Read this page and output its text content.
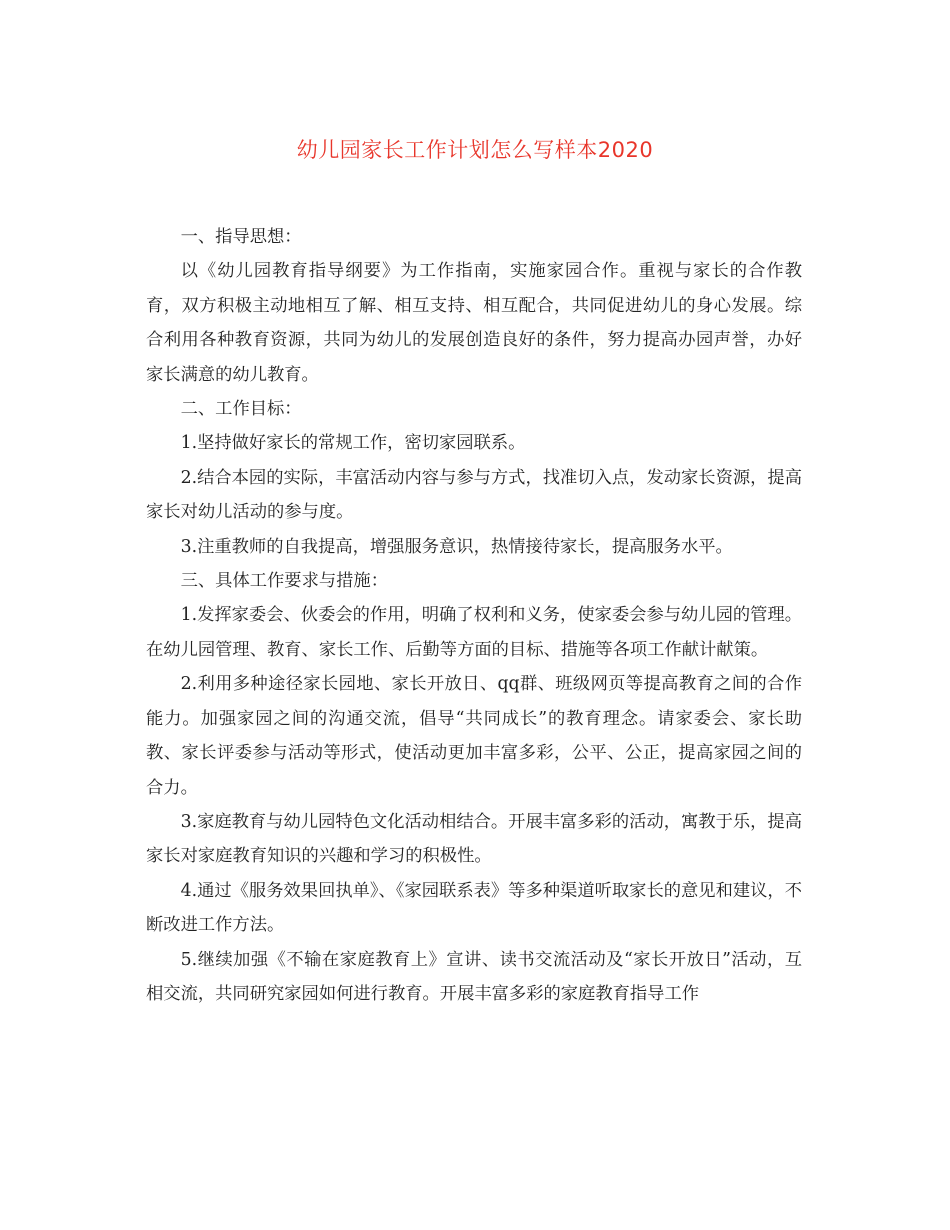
幼儿园家长工作计划怎么写样本2020

一、指导思想：

以《幼儿园教育指导纲要》为工作指南，实施家园合作。重视与家长的合作教育，双方积极主动地相互了解、相互支持、相互配合，共同促进幼儿的身心发展。综合利用各种教育资源，共同为幼儿的发展创造良好的条件，努力提高办园声誉，办好家长满意的幼儿教育。

二、工作目标：

1.坚持做好家长的常规工作，密切家园联系。

2.结合本园的实际，丰富活动内容与参与方式，找准切入点，发动家长资源，提高家长对幼儿活动的参与度。

3.注重教师的自我提高，增强服务意识，热情接待家长，提高服务水平。

三、具体工作要求与措施：

1.发挥家委会、伙委会的作用，明确了权利和义务，使家委会参与幼儿园的管理。在幼儿园管理、教育、家长工作、后勤等方面的目标、措施等各项工作献计献策。

2.利用多种途径家长园地、家长开放日、qq群、班级网页等提高教育之间的合作能力。加强家园之间的沟通交流，倡导“共同成长”的教育理念。请家委会、家长助教、家长评委参与活动等形式，使活动更加丰富多彩，公平、公正，提高家园之间的合力。

3.家庭教育与幼儿园特色文化活动相结合。开展丰富多彩的活动，寓教于乐，提高家长对家庭教育知识的兴趣和学习的积极性。

4.通过《服务效果回执单》、《家园联系表》等多种渠道听取家长的意见和建议，不断改进工作方法。

5.继续加强《不输在家庭教育上》宣讲、读书交流活动及“家长开放日”活动，互相交流，共同研究家园如何进行教育。开展丰富多彩的家庭教育指导工作
